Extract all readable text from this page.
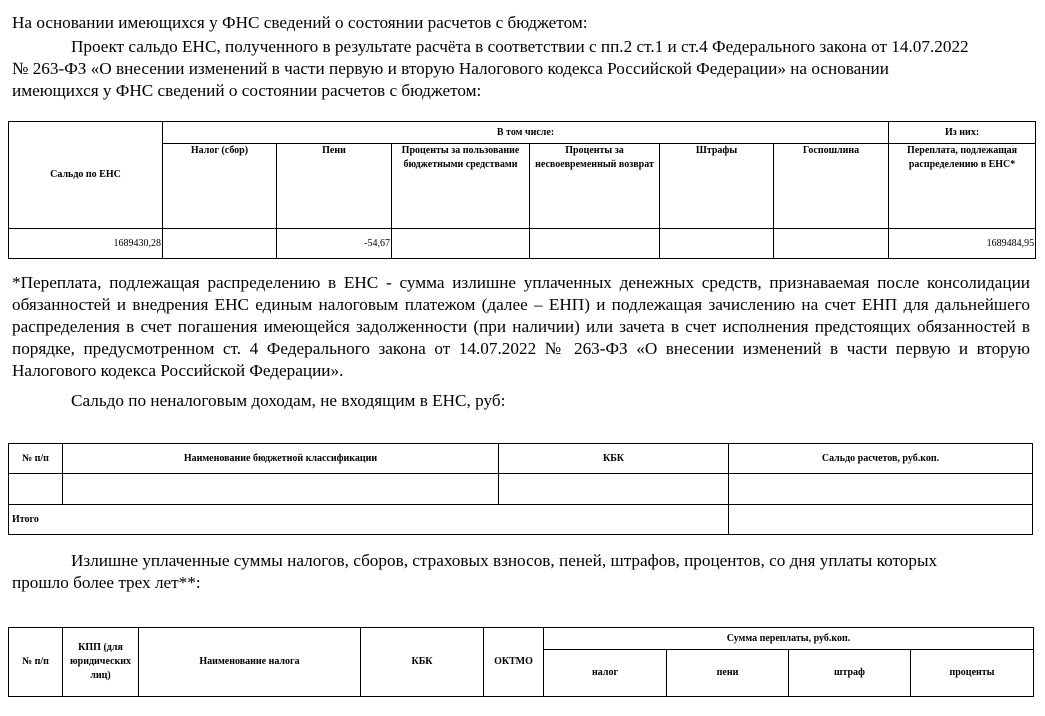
На основании имеющихся у ФНС сведений о состоянии расчетов с бюджетом:
Проект сальдо ЕНС, полученного в результате расчёта в соответствии с пп.2 ст.1 и ст.4 Федерального закона от 14.07.2022
№ 263-ФЗ «О внесении изменений в части первую и вторую Налогового кодекса Российской Федерации» на основании
имеющихся у ФНС сведений о состоянии расчетов с бюджетом:
Сальдо по ЕНС	В том числе:						Из них:
	Налог (сбор)	Пени	Проценты за пользование бюджетными средствами	Проценты за несвоевременный возврат	Штрафы	Госпошлина	Переплата, подлежащая распределению в ЕНС*
1689430,28		-54,67					1689484,95
*Переплата, подлежащая распределению в ЕНС - сумма излишне уплаченных денежных средств, признаваемая после консолидации обязанностей и внедрения ЕНС единым налоговым платежом (далее – ЕНП) и подлежащая зачислению на счет ЕНП для дальнейшего распределения в счет погашения имеющейся задолженности (при наличии) или зачета в счет исполнения предстоящих обязанностей в порядке, предусмотренном ст. 4 Федерального закона от 14.07.2022 № 263-ФЗ «О внесении изменений в части первую и вторую Налогового кодекса Российской Федерации».
Сальдо по неналоговым доходам, не входящим в ЕНС, руб:
№ п/п	Наименование бюджетной классификации	КБК	Сальдо расчетов, руб.коп.

Итого			
Излишне уплаченные суммы налогов, сборов, страховых взносов, пеней, штрафов, процентов, со дня уплаты которых
прошло более трех лет**:
№ п/п	КПП (для юридических лиц)	Наименование налога	КБК	ОКТМО	Сумма переплаты, руб.коп.			
					налог	пени	штраф	проценты
